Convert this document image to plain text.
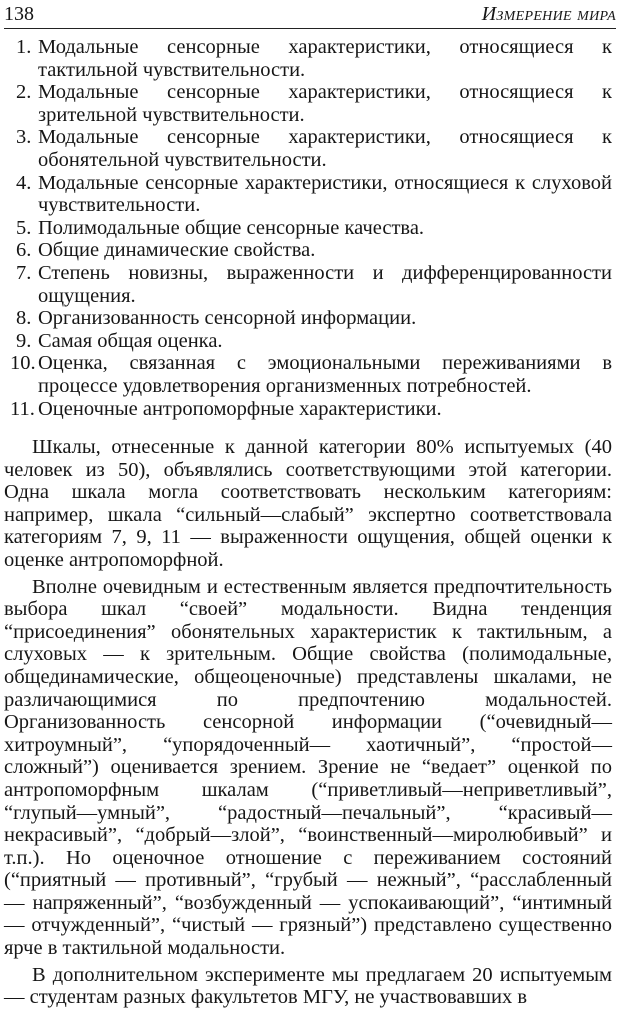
138	Измерение мира
1. Модальные сенсорные характеристики, относящиеся к тактильной чувствительности.
2. Модальные сенсорные характеристики, относящиеся к зрительной чувствительности.
3. Модальные сенсорные характеристики, относящиеся к обонятельной чувствительности.
4. Модальные сенсорные характеристики, относящиеся к слуховой чувствительности.
5. Полимодальные общие сенсорные качества.
6. Общие динамические свойства.
7. Степень новизны, выраженности и дифференцированности ощущения.
8. Организованность сенсорной информации.
9. Самая общая оценка.
10. Оценка, связанная с эмоциональными переживаниями в процессе удовлетворения организменных потребностей.
11. Оценочные антропоморфные характеристики.

Шкалы, отнесенные к данной категории 80% испытуемых (40 человек из 50), объявлялись соответствующими этой категории. Одна шкала могла соответствовать нескольким категориям: например, шкала “сильный—слабый” экспертно соответствовала категориям 7, 9, 11 — выраженности ощущения, общей оценки к оценке антропоморфной.

Вполне очевидным и естественным является предпочтительность выбора шкал “своей” модальности. Видна тенденция “присоединения” обонятельных характеристик к тактильным, а слуховых — к зрительным. Общие свойства (полимодальные, общединамические, общеоценочные) представлены шкалами, не различающимися по предпочтению модальностей. Организованность сенсорной информации (“очевидный— хитроумный”, “упорядоченный— хаотичный”, “простой—сложный”) оценивается зрением. Зрение не “ведает” оценкой по антропоморфным шкалам (“приветливый—неприветливый”, “глупый—умный”, “радостный—печальный”, “красивый—некрасивый”, “добрый—злой”, “воинственный—миролюбивый” и т.п.). Но оценочное отношение с переживанием состояний (“приятный — противный”, “грубый — нежный”, “расслабленный — напряженный”, “возбужденный — успокаивающий”, “интимный — отчужденный”, “чистый — грязный”) представлено существенно ярче в тактильной модальности.

В дополнительном эксперименте мы предлагаем 20 испытуемым — студентам разных факультетов МГУ, не участвовавших в
